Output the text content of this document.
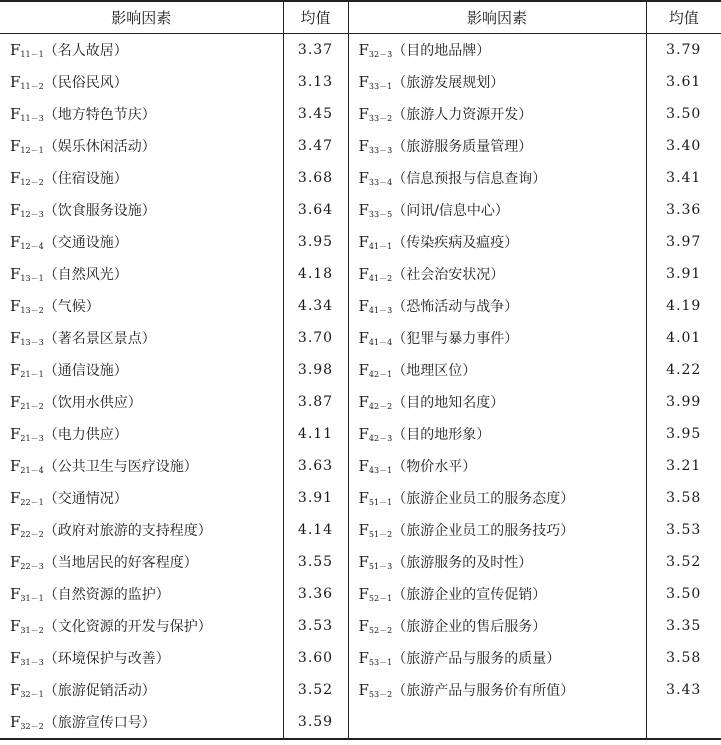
影响因素	均值	影响因素	均值
$F_{11-1}$（名人故居）	3.37	$F_{32-3}$（目的地品牌）	3.79
$F_{11-2}$（民俗民风）	3.13	$F_{33-1}$（旅游发展规划）	3.61
$F_{11-3}$（地方特色节庆）	3.45	$F_{33-2}$（旅游人力资源开发）	3.50
$F_{12-1}$（娱乐休闲活动）	3.47	$F_{33-3}$（旅游服务质量管理）	3.40
$F_{12-2}$（住宿设施）	3.68	$F_{33-4}$（信息预报与信息查询）	3.41
$F_{12-3}$（饮食服务设施）	3.64	$F_{33-5}$（问讯/信息中心）	3.36
$F_{12-4}$（交通设施）	3.95	$F_{41-1}$（传染疾病及瘟疫）	3.97
$F_{13-1}$（自然风光）	4.18	$F_{41-2}$（社会治安状况）	3.91
$F_{13-2}$（气候）	4.34	$F_{41-3}$（恐怖活动与战争）	4.19
$F_{13-3}$（著名景区景点）	3.70	$F_{41-4}$（犯罪与暴力事件）	4.01
$F_{21-1}$（通信设施）	3.98	$F_{42-1}$（地理区位）	4.22
$F_{21-2}$（饮用水供应）	3.87	$F_{42-2}$（目的地知名度）	3.99
$F_{21-3}$（电力供应）	4.11	$F_{42-3}$（目的地形象）	3.95
$F_{21-4}$（公共卫生与医疗设施）	3.63	$F_{43-1}$（物价水平）	3.21
$F_{22-1}$（交通情况）	3.91	$F_{51-1}$（旅游企业员工的服务态度）	3.58
$F_{22-2}$（政府对旅游的支持程度）	4.14	$F_{51-2}$（旅游企业员工的服务技巧）	3.53
$F_{22-3}$（当地居民的好客程度）	3.55	$F_{51-3}$（旅游服务的及时性）	3.52
$F_{31-1}$（自然资源的监护）	3.36	$F_{52-1}$（旅游企业的宣传促销）	3.50
$F_{31-2}$（文化资源的开发与保护）	3.53	$F_{52-2}$（旅游企业的售后服务）	3.35
$F_{31-3}$（环境保护与改善）	3.60	$F_{53-1}$（旅游产品与服务的质量）	3.58
$F_{32-1}$（旅游促销活动）	3.52	$F_{53-2}$（旅游产品与服务价有所值）	3.43
$F_{32-2}$（旅游宣传口号）	3.59		
